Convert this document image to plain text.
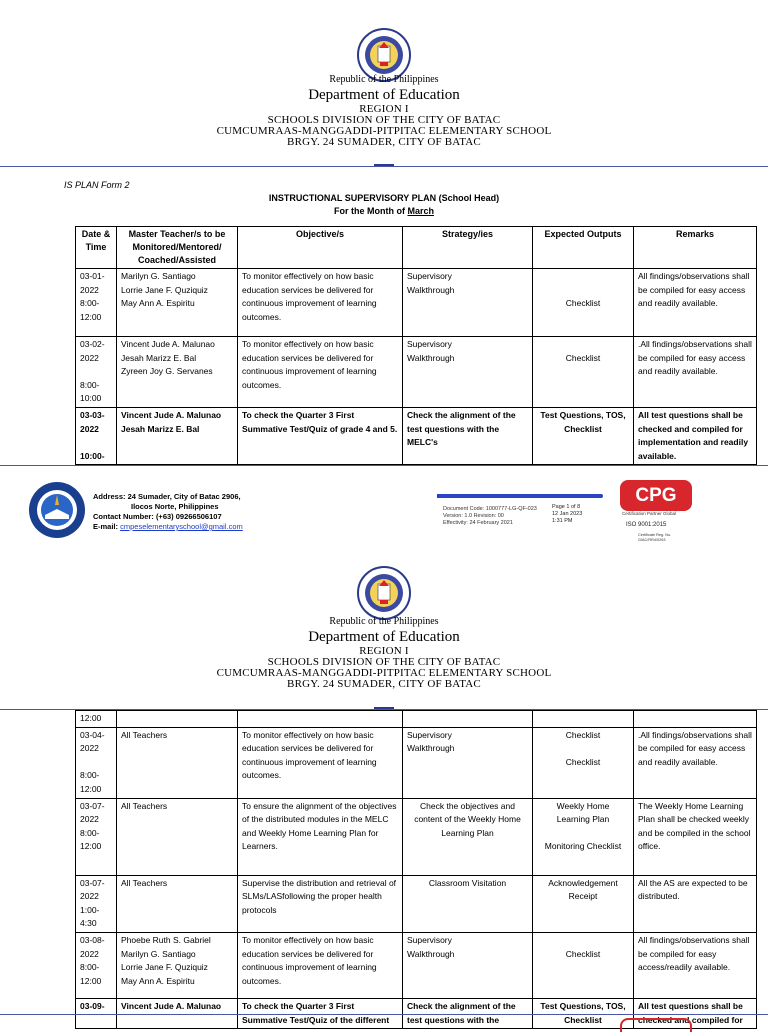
Republic of the Philippines
Department of Education
REGION I
SCHOOLS DIVISION OF THE CITY OF BATAC
CUMCUMRAAS-MANGGADDI-PITPITAC ELEMENTARY SCHOOL
BRGY. 24 SUMADER, CITY OF BATAC
IS PLAN Form 2
INSTRUCTIONAL SUPERVISORY PLAN (School Head)
For the Month of March
Date & Time	Master Teacher/s to be Monitored/Mentored/ Coached/Assisted	Objective/s	Strategy/ies	Expected Outputs	Remarks
03-01-
2022
8:00-
12:00	Marilyn G. Santiago
Lorrie Jane F. Quziquiz
May Ann A. Espiritu	To monitor effectively on how basic education services be delivered for continuous improvement of learning outcomes.	Supervisory
Walkthrough	

Checklist	All findings/observations shall be compiled for easy access and readily available.
03-02-
2022

8:00-
10:00	Vincent Jude A. Malunao
Jesah Marizz E. Bal
Zyreen Joy G. Servanes	To monitor effectively on how basic education services be delivered for continuous improvement of learning outcomes.	Supervisory
Walkthrough	
Checklist	.All findings/observations shall be compiled for easy access and readily available.
03-03-
2022

10:00-	Vincent Jude A. Malunao
Jesah Marizz E. Bal	To check the Quarter 3 First Summative Test/Quiz of grade 4 and 5.	Check the alignment of the test questions with the MELC's	Test Questions, TOS, Checklist	All test questions shall be checked and compiled for implementation and readily available.
Address: 24 Sumader, City of Batac 2906,
Ilocos Norte, Philippines
Contact Number: (+63) 09266506107
E-mail: cmpeselementaryschool@gmail.com
Document Code: 1000777-LG-QF-023
Version: 1.0 Revision: 00
Effectivity: 24 February 2021
Page 1 of 8
12 Jan 2023
1:31 PM
CPG
Certification Partner Global
ISO 9001:2015
Certificate Reg. No. GIAC/RR4/0263
Republic of the Philippines
Department of Education
REGION I
SCHOOLS DIVISION OF THE CITY OF BATAC
CUMCUMRAAS-MANGGADDI-PITPITAC ELEMENTARY SCHOOL
BRGY. 24 SUMADER, CITY OF BATAC
12:00					
03-04-
2022

8:00-
12:00	All Teachers	To monitor effectively on how basic education services be delivered for continuous improvement of learning outcomes.	Supervisory
Walkthrough	Checklist

Checklist	.All findings/observations shall be compiled for easy access and readily available.
03-07-
2022
8:00-
12:00	All Teachers	To ensure the alignment of the objectives of the distributed modules in the MELC and Weekly Home Learning Plan for Learners.	Check the objectives and content of the Weekly Home Learning Plan	Weekly Home
Learning Plan

Monitoring Checklist	The Weekly Home Learning Plan shall be checked weekly and be compiled in the school office.
03-07-
2022
1:00-
4:30	All Teachers	Supervise the distribution and retrieval of SLMs/LASfollowing the proper health protocols	Classroom Visitation	Acknowledgement
Receipt	All the AS are expected to be distributed.
03-08-
2022
8:00-
12:00	Phoebe Ruth S. Gabriel
Marilyn G. Santiago
Lorrie Jane F. Quziquiz
May Ann A. Espiritu	To monitor effectively on how basic education services be delivered for continuous improvement of learning outcomes.	Supervisory
Walkthrough	
Checklist	All findings/observations shall be compiled for easy access/readily available.
03-09-	Vincent Jude A. Malunao	To check the Quarter 3 First Summative Test/Quiz of the different	Check the alignment of the test questions with the	Test Questions, TOS, Checklist	All test questions shall be checked and compiled for
